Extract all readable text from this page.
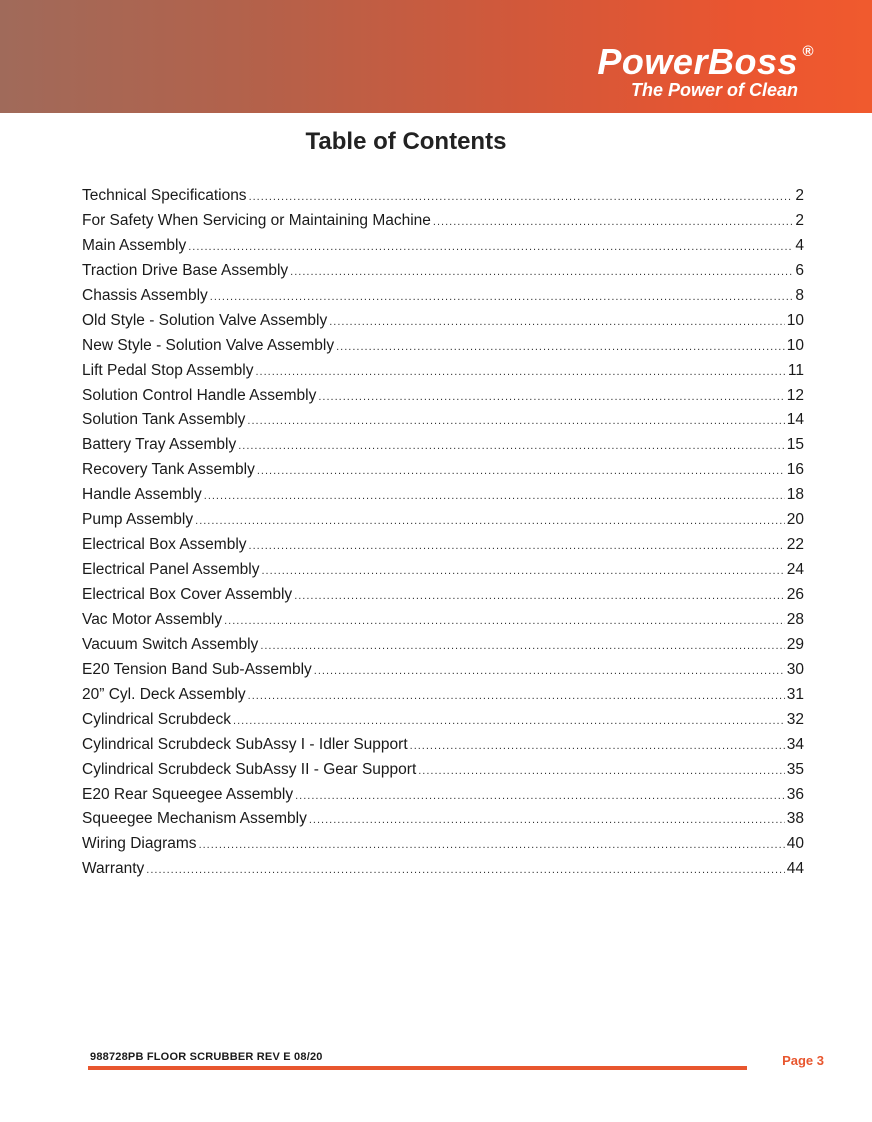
PowerBoss ®
The Power of Clean
Table of Contents
Technical Specifications .....	2
For Safety When Servicing or Maintaining Machine .....	2
Main Assembly .....	4
Traction Drive Base Assembly .....	6
Chassis Assembly .....	8
Old Style - Solution Valve Assembly .....	10
New Style - Solution Valve Assembly .....	10
Lift Pedal Stop Assembly .....	11
Solution Control Handle Assembly .....	12
Solution Tank Assembly .....	14
Battery Tray Assembly .....	15
Recovery Tank Assembly .....	16
Handle Assembly .....	18
Pump Assembly .....	20
Electrical Box Assembly .....	22
Electrical Panel Assembly .....	24
Electrical Box Cover Assembly .....	26
Vac Motor Assembly .....	28
Vacuum Switch Assembly .....	29
E20 Tension Band Sub-Assembly .....	30
20” Cyl. Deck Assembly .....	31
Cylindrical Scrubdeck .....	32
Cylindrical Scrubdeck SubAssy I - Idler Support .....	34
Cylindrical Scrubdeck SubAssy II - Gear Support .....	35
E20 Rear Squeegee Assembly .....	36
Squeegee Mechanism Assembly .....	38
Wiring Diagrams .....	40
Warranty .....	44
988728PB FLOOR SCRUBBER REV E 08/20	Page 3
